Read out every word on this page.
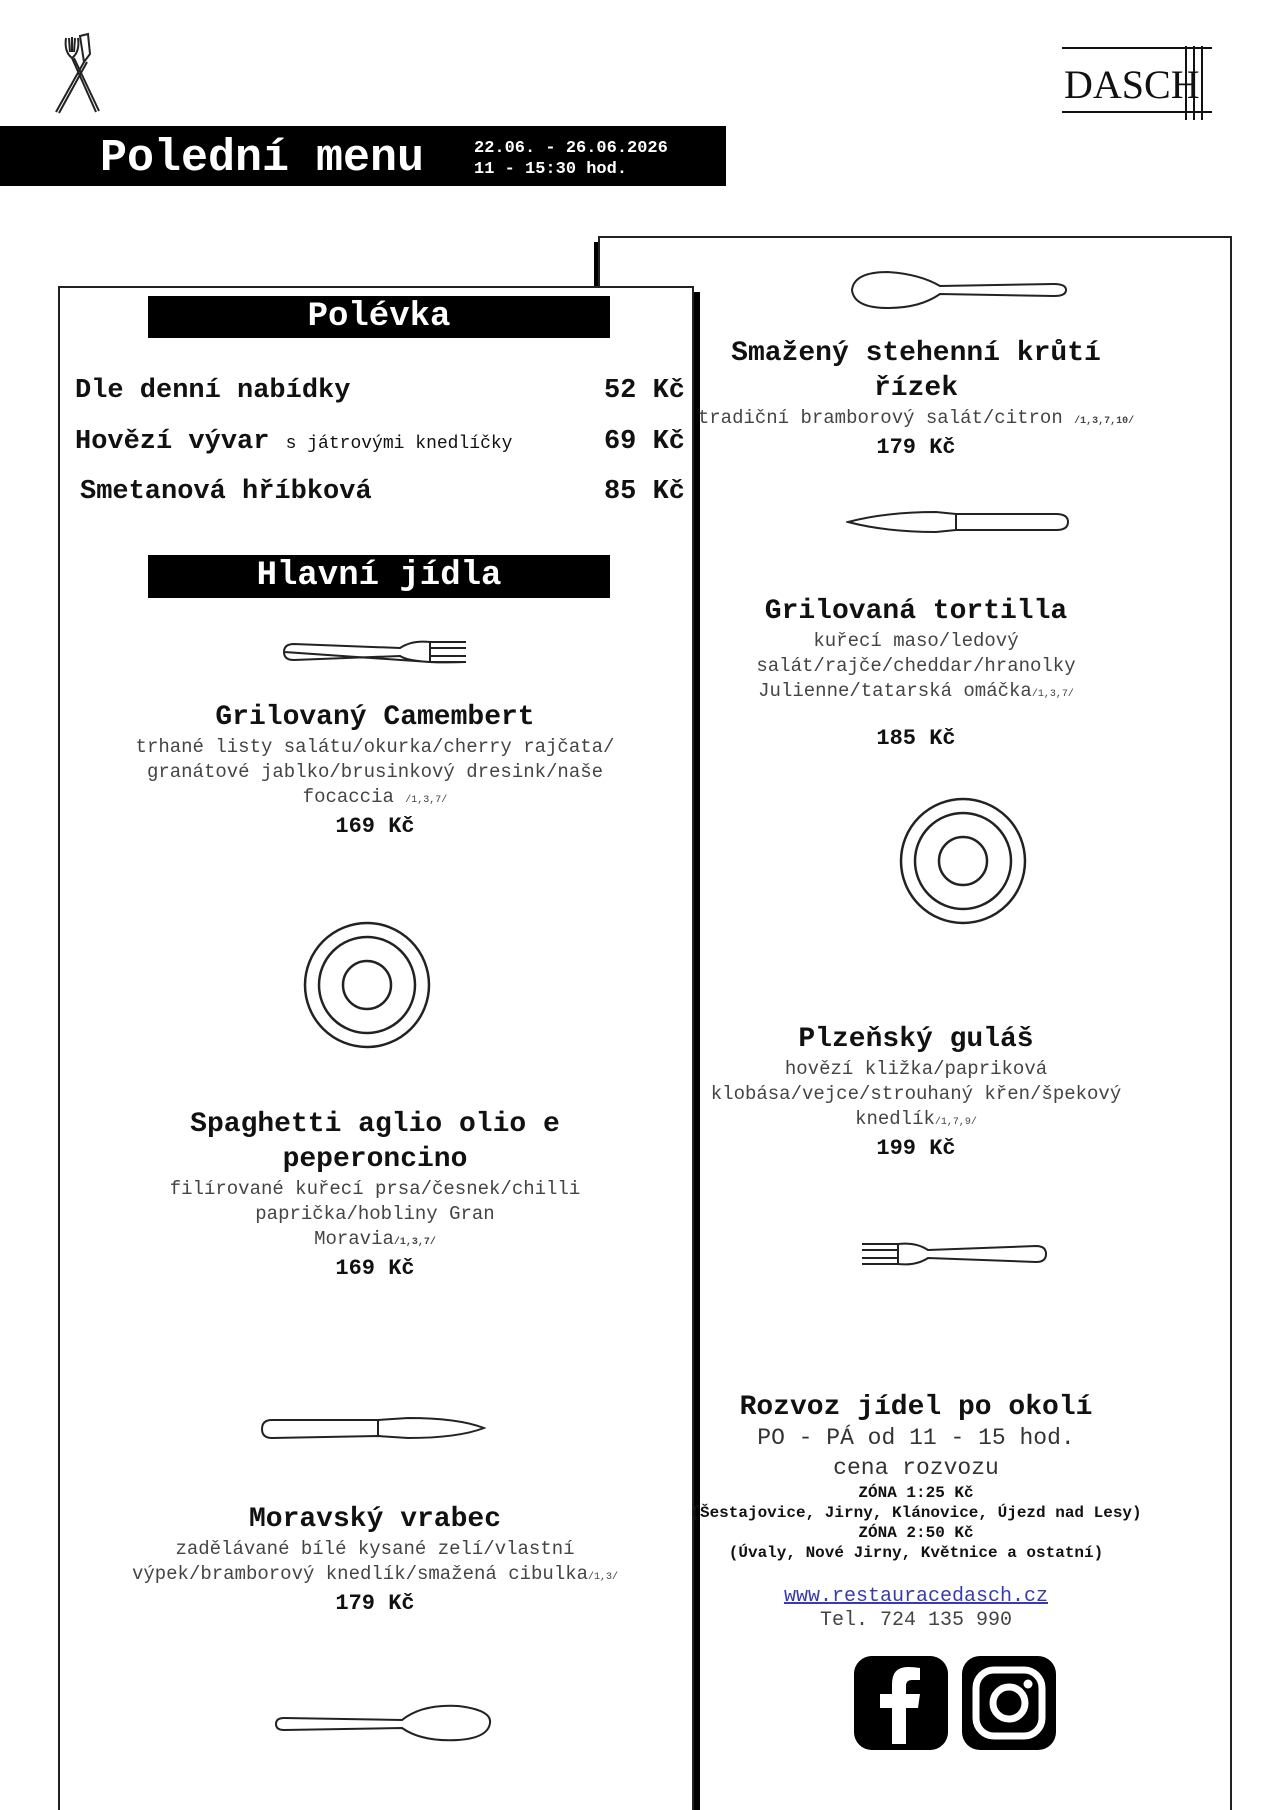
DASCH
Polední menu	22.06. - 26.06.2026
11 - 15:30 hod.
Polévka
Dle denní nabídky	52 Kč
Hovězí vývar s játrovými knedlíčky	69 Kč
Smetanová hříbková	85 Kč
Hlavní jídla
Grilovaný Camembert
trhané listy salátu/okurka/cherry rajčata/
granátové jablko/brusinkový dresink/naše
focaccia /1,3,7/
169 Kč
Spaghetti aglio olio e
peperoncino
filírované kuřecí prsa/česnek/chilli
paprička/hobliny Gran
Moravia/1,3,7/
169 Kč
Moravský vrabec
zadělávané bílé kysané zelí/vlastní
výpek/bramborový knedlík/smažená cibulka/1,3/
179 Kč
Smažený stehenní krůtí
řízek
tradiční bramborový salát/citron /1,3,7,10/
179 Kč
Grilovaná tortilla
kuřecí maso/ledový
salát/rajče/cheddar/hranolky
Julienne/tatarská omáčka/1,3,7/
185 Kč
Plzeňský guláš
hovězí kližka/papriková
klobása/vejce/strouhaný křen/špekový
knedlík/1,7,9/
199 Kč
Rozvoz jídel po okolí
PO - PÁ od 11 - 15 hod.
cena rozvozu
ZÓNA 1:25 Kč
(Šestajovice, Jirny, Klánovice, Újezd nad Lesy)
ZÓNA 2:50 Kč
(Úvaly, Nové Jirny, Květnice a ostatní)
www.restauracedasch.cz
Tel. 724 135 990
